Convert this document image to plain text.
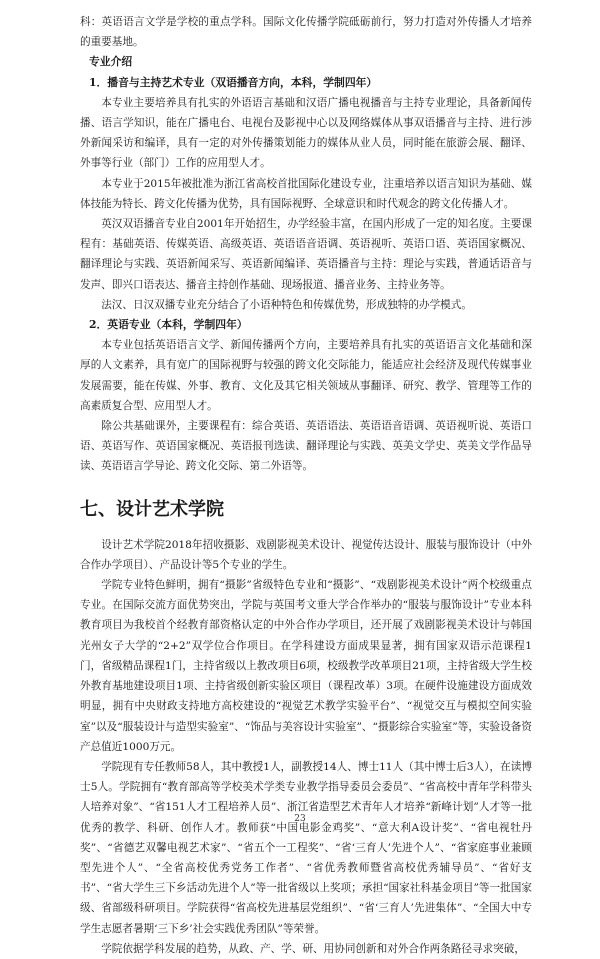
科：英语语言文学是学校的重点学科。国际文化传播学院砥砺前行，努力打造对外传播人才培养的重要基地。

专业介绍
1．播音与主持艺术专业（双语播音方向，本科，学制四年）

本专业主要培养具有扎实的外语语言基础和汉语广播电视播音与主持专业理论，具备新闻传播、语言学知识，能在广播电台、电视台及影视中心以及网络媒体从事双语播音与主持、进行涉外新闻采访和编译，具有一定的对外传播策划能力的媒体从业人员，同时能在旅游会展、翻译、外事等行业（部门）工作的应用型人才。

本专业于2015年被批准为浙江省高校首批国际化建设专业，注重培养以语言知识为基础、媒体技能为特长、跨文化传播为优势，具有国际视野、全球意识和时代观念的跨文化传播人才。

英汉双语播音专业自2001年开始招生，办学经验丰富，在国内形成了一定的知名度。主要课程有：基础英语、传媒英语、高级英语、英语语音语调、英语视听、英语口语、英语国家概况、翻译理论与实践、英语新闻采写、英语新闻编译、英语播音与主持：理论与实践，普通话语音与发声、即兴口语表达、播音主持创作基础、现场报道、播音业务、主持业务等。

法汉、日汉双播专业充分结合了小语种特色和传媒优势，形成独特的办学模式。

2．英语专业（本科，学制四年）

本专业包括英语语言文学、新闻传播两个方向，主要培养具有扎实的英语语言文化基础和深厚的人文素养，具有宽广的国际视野与较强的跨文化交际能力，能适应社会经济及现代传媒事业发展需要，能在传媒、外事、教育、文化及其它相关领域从事翻译、研究、教学、管理等工作的高素质复合型、应用型人才。

除公共基础课外，主要课程有：综合英语、英语语法、英语语音语调、英语视听说、英语口语、英语写作、英语国家概况、英语报刊选读、翻译理论与实践、英美文学史、英美文学作品导读、英语语言学导论、跨文化交际、第二外语等。

七、设计艺术学院

设计艺术学院2018年招收摄影、戏剧影视美术设计、视觉传达设计、服装与服饰设计（中外合作办学项目）、产品设计等5个专业的学生。

学院专业特色鲜明，拥有“摄影”省级特色专业和“摄影”、“戏剧影视美术设计”两个校级重点专业。在国际交流方面优势突出，学院与英国考文垂大学合作举办的“服装与服饰设计”专业本科教育项目为我校首个经教育部资格认定的中外合作办学项目，还开展了戏剧影视美术设计与韩国光州女子大学的“2+2”双学位合作项目。在学科建设方面成果显著，拥有国家双语示范课程1门，省级精品课程1门，主持省级以上教改项目6项，校级教学改革项目21项，主持省级大学生校外教育基地建设项目1项、主持省级创新实验区项目（课程改革）3项。在硬件设施建设方面成效明显，拥有中央财政支持地方高校建设的“视觉艺术教学实验平台”、“视觉交互与模拟空间实验室”以及“服装设计与造型实验室”、“饰品与美容设计实验室”、“摄影综合实验室”等，实验设备资产总值近1000万元。

学院现有专任教师58人，其中教授1人，副教授14人、博士11人（其中博士后3人），在读博士5人。学院拥有“教育部高等学校美术学类专业教学指导委员会委员”、“省高校中青年学科带头人培养对象”、“省151人才工程培养人员”、浙江省造型艺术青年人才培养“新峰计划”人才等一批优秀的教学、科研、创作人才。教师获“中国电影金鸡奖”、“意大利A设计奖”、“省电视牡丹奖”、“省德艺双馨电视艺术家”、“省五个一工程奖”、“省‘三育人’先进个人”、“省家庭事业兼顾型先进个人”、“全省高校优秀党务工作者”、“省优秀教师暨省高校优秀辅导员”、“省好支书”、“省大学生三下乡活动先进个人”等一批省级以上奖项；承担“国家社科基金项目”等一批国家级、省部级科研项目。学院获得“省高校先进基层党组织”、“省‘三育人’先进集体”、“全国大中专学生志愿者暑期‘三下乡’社会实践优秀团队”等荣誉。

学院依据学科发展的趋势，从政、产、学、研、用协同创新和对外合作两条路径寻求突破，

23
